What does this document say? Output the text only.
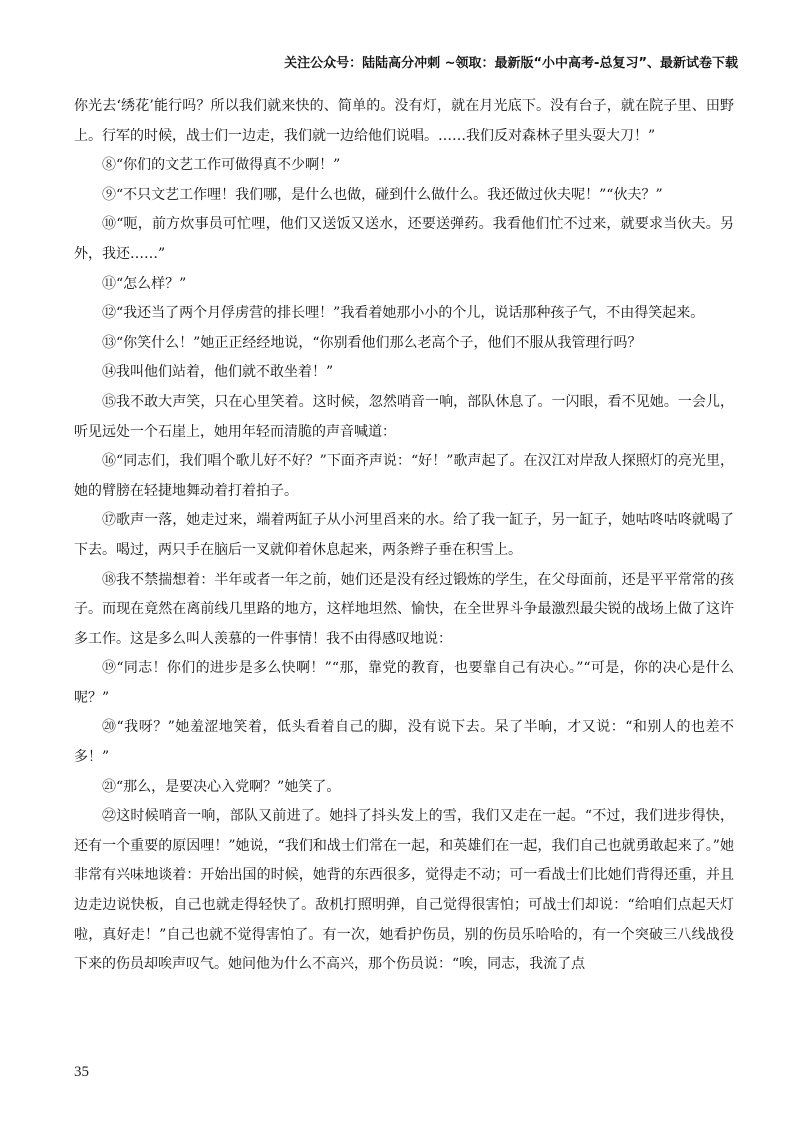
关注公众号：陆陆高分冲刺 ~领取：最新版“小中高考-总复习”、最新试卷下载

你光去‘绣花’能行吗？所以我们就来快的、简单的。没有灯，就在月光底下。没有台子，就在院子里、田野上。行军的时候，战士们一边走，我们就一边给他们说唱。……我们反对森林子里头耍大刀！”

⑧“你们的文艺工作可做得真不少啊！”

⑨“不只文艺工作哩！我们哪，是什么也做，碰到什么做什么。我还做过伙夫呢！”“伙夫？”

⑩“呃，前方炊事员可忙哩，他们又送饭又送水，还要送弹药。我看他们忙不过来，就要求当伙夫。另外，我还……”

⑪“怎么样？”

⑫“我还当了两个月俘虏营的排长哩！”我看着她那小小的个儿，说话那种孩子气，不由得笑起来。

⑬“你笑什么！”她正正经经地说，“你别看他们那么老高个子，他们不服从我管理行吗？

⑭我叫他们站着，他们就不敢坐着！”

⑮我不敢大声笑，只在心里笑着。这时候，忽然哨音一响，部队休息了。一闪眼，看不见她。一会儿，听见远处一个石崖上，她用年轻而清脆的声音喊道：

⑯“同志们，我们唱个歌儿好不好？”下面齐声说：“好！”歌声起了。在汉江对岸敌人探照灯的亮光里，她的臂膀在轻捷地舞动着打着拍子。

⑰歌声一落，她走过来，端着两缸子从小河里舀来的水。给了我一缸子，另一缸子，她咕咚咕咚就喝了下去。喝过，两只手在脑后一叉就仰着休息起来，两条辫子垂在积雪上。

⑱我不禁揣想着：半年或者一年之前，她们还是没有经过锻炼的学生，在父母面前，还是平平常常的孩子。而现在竟然在离前线几里路的地方，这样地坦然、愉快，在全世界斗争最激烈最尖锐的战场上做了这许多工作。这是多么叫人羡慕的一件事情！我不由得感叹地说：

⑲“同志！你们的进步是多么快啊！”“那，靠党的教育，也要靠自己有决心。”“可是，你的决心是什么呢？”

⑳“我呀？”她羞涩地笑着，低头看着自己的脚，没有说下去。呆了半晌，才又说：“和别人的也差不多！”

㉑“那么，是要决心入党啊？”她笑了。

㉒这时候哨音一响，部队又前进了。她抖了抖头发上的雪，我们又走在一起。“不过，我们进步得快，还有一个重要的原因哩！”她说，“我们和战士们常在一起，和英雄们在一起，我们自己也就勇敢起来了。”她非常有兴味地谈着：开始出国的时候，她背的东西很多，觉得走不动；可一看战士们比她们背得还重，并且边走边说快板，自己也就走得轻快了。敌机打照明弹，自己觉得很害怕；可战士们却说：“给咱们点起天灯啦，真好走！”自己也就不觉得害怕了。有一次，她看护伤员，别的伤员乐哈哈的，有一个突破三八线战役下来的伤员却唉声叹气。她问他为什么不高兴，那个伤员说：“唉，同志，我流了点

35
